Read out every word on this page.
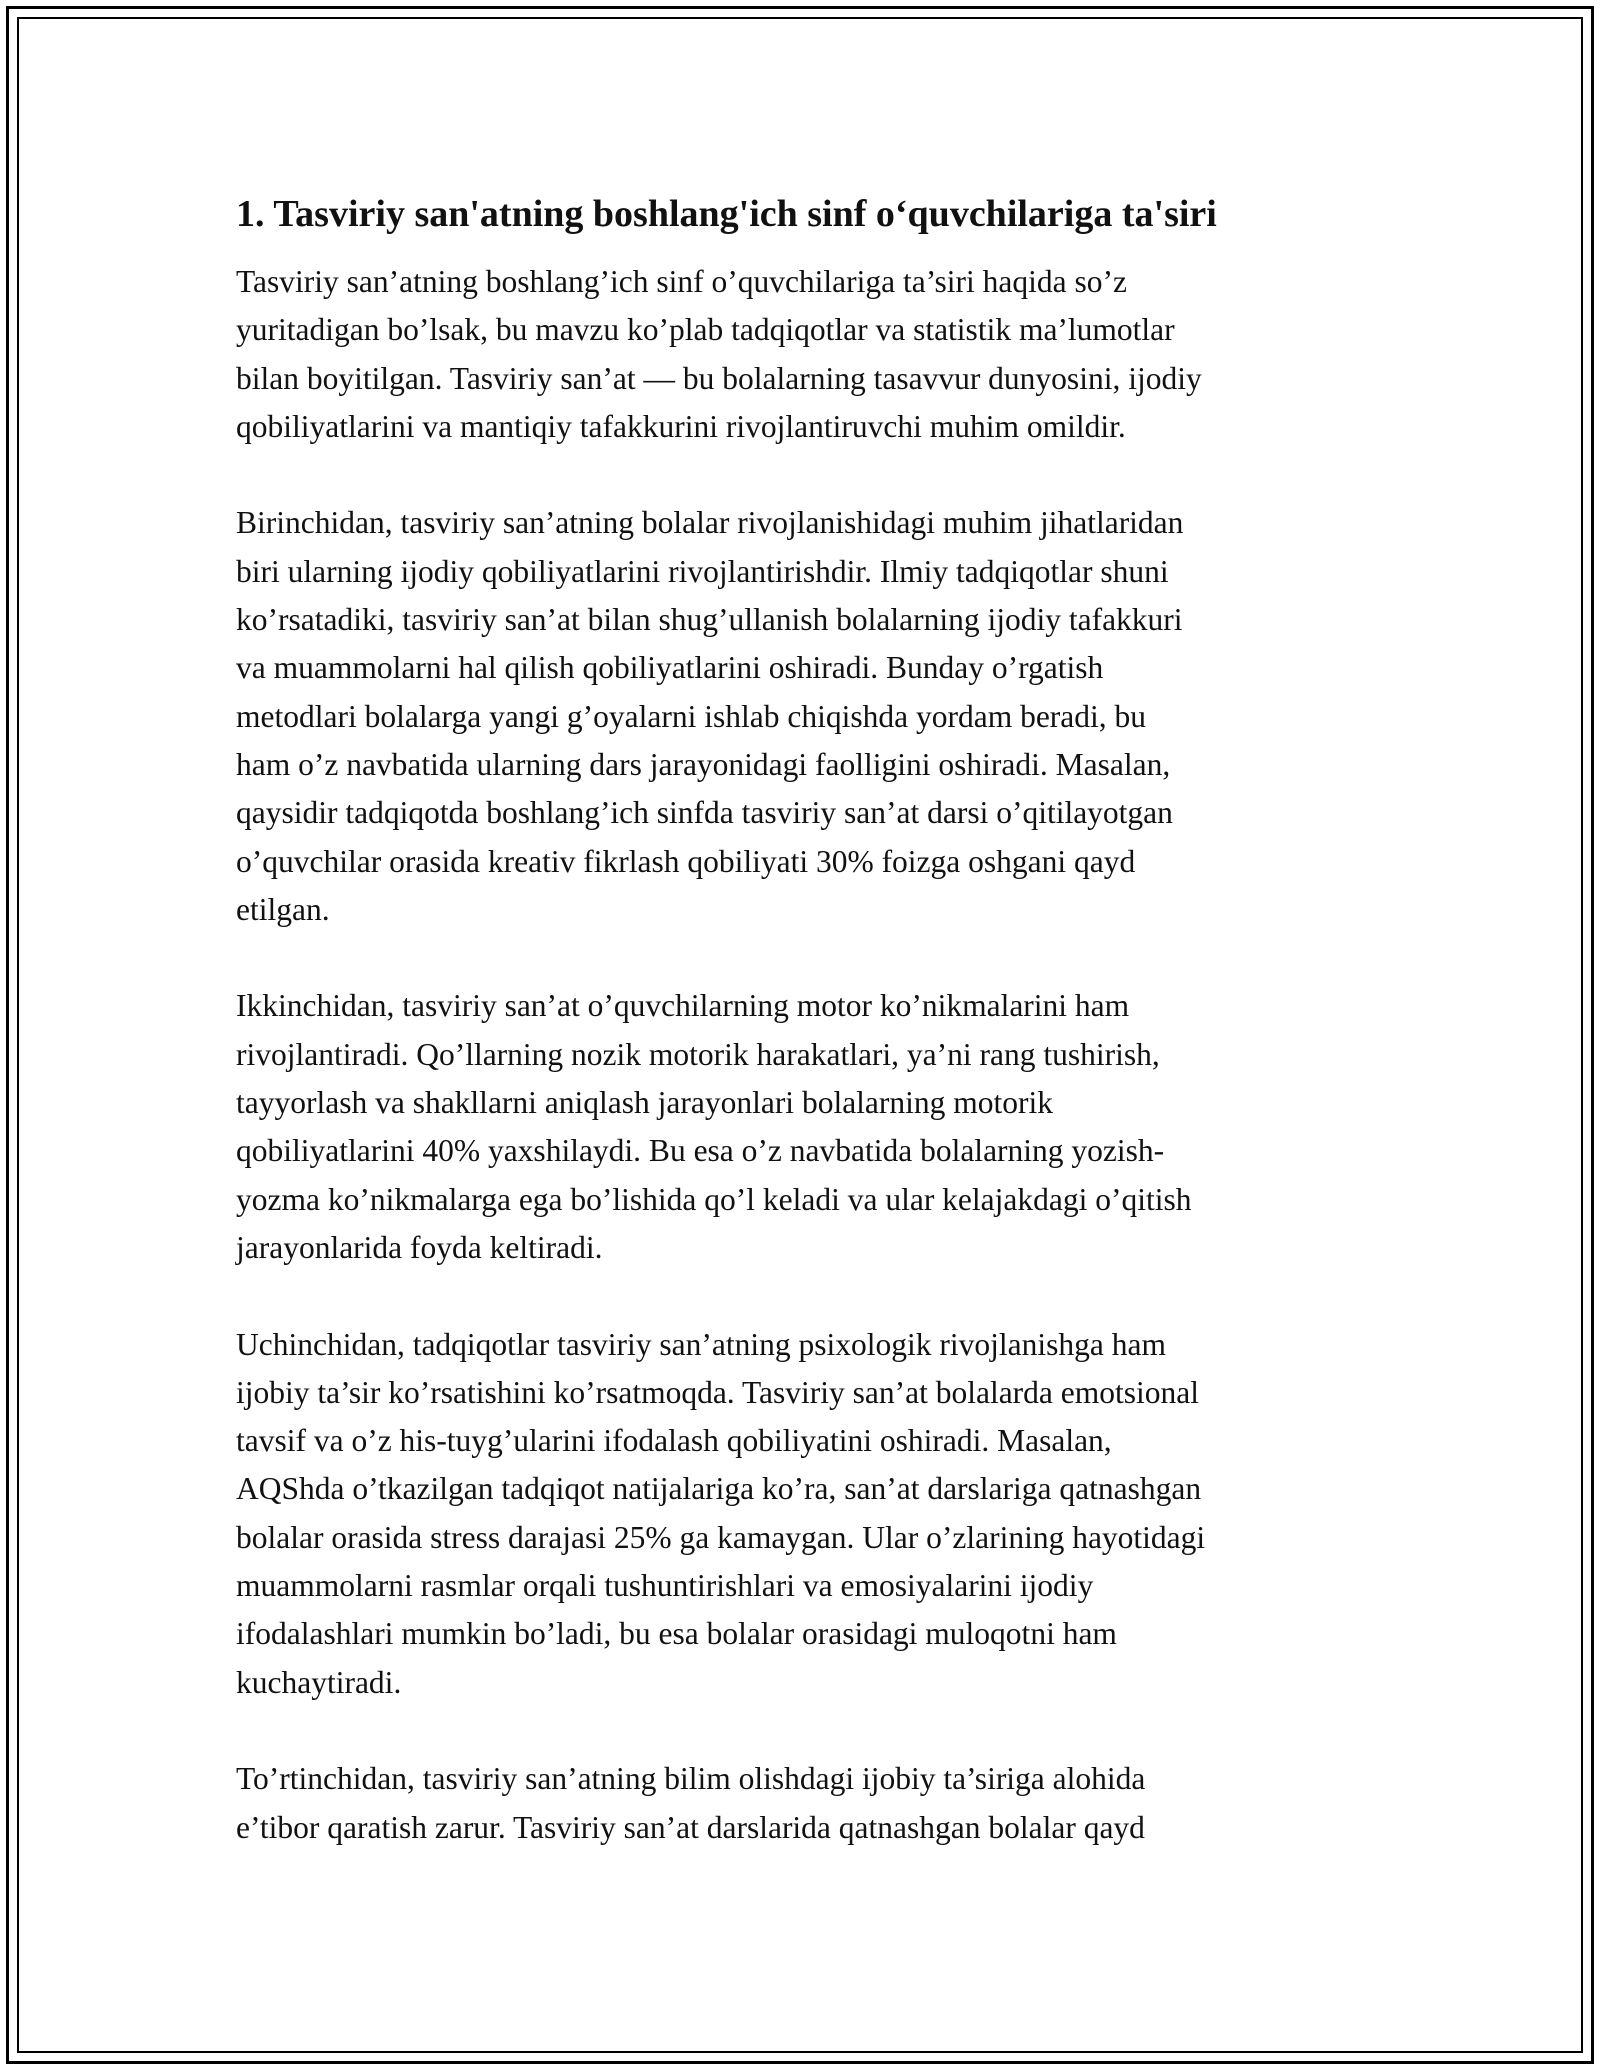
1. Tasviriy san'atning boshlang'ich sinf o‘quvchilariga ta'siri
Tasviriy san’atning boshlang’ich sinf o’quvchilariga ta’siri haqida so’z
yuritadigan bo’lsak, bu mavzu ko’plab tadqiqotlar va statistik ma’lumotlar
bilan boyitilgan. Tasviriy san’at — bu bolalarning tasavvur dunyosini, ijodiy
qobiliyatlarini va mantiqiy tafakkurini rivojlantiruvchi muhim omildir.
Birinchidan, tasviriy san’atning bolalar rivojlanishidagi muhim jihatlaridan
biri ularning ijodiy qobiliyatlarini rivojlantirishdir. Ilmiy tadqiqotlar shuni
ko’rsatadiki, tasviriy san’at bilan shug’ullanish bolalarning ijodiy tafakkuri
va muammolarni hal qilish qobiliyatlarini oshiradi. Bunday o’rgatish
metodlari bolalarga yangi g’oyalarni ishlab chiqishda yordam beradi, bu
ham o’z navbatida ularning dars jarayonidagi faolligini oshiradi. Masalan,
qaysidir tadqiqotda boshlang’ich sinfda tasviriy san’at darsi o’qitilayotgan
o’quvchilar orasida kreativ fikrlash qobiliyati 30% foizga oshgani qayd
etilgan.
Ikkinchidan, tasviriy san’at o’quvchilarning motor ko’nikmalarini ham
rivojlantiradi. Qo’llarning nozik motorik harakatlari, ya’ni rang tushirish,
tayyorlash va shakllarni aniqlash jarayonlari bolalarning motorik
qobiliyatlarini 40% yaxshilaydi. Bu esa o’z navbatida bolalarning yozish-
yozma ko’nikmalarga ega bo’lishida qo’l keladi va ular kelajakdagi o’qitish
jarayonlarida foyda keltiradi.
Uchinchidan, tadqiqotlar tasviriy san’atning psixologik rivojlanishga ham
ijobiy ta’sir ko’rsatishini ko’rsatmoqda. Tasviriy san’at bolalarda emotsional
tavsif va o’z his-tuyg’ularini ifodalash qobiliyatini oshiradi. Masalan,
AQShda o’tkazilgan tadqiqot natijalariga ko’ra, san’at darslariga qatnashgan
bolalar orasida stress darajasi 25% ga kamaygan. Ular o’zlarining hayotidagi
muammolarni rasmlar orqali tushuntirishlari va emosiyalarini ijodiy
ifodalashlari mumkin bo’ladi, bu esa bolalar orasidagi muloqotni ham
kuchaytiradi.
To’rtinchidan, tasviriy san’atning bilim olishdagi ijobiy ta’siriga alohida
e’tibor qaratish zarur. Tasviriy san’at darslarida qatnashgan bolalar qayd
